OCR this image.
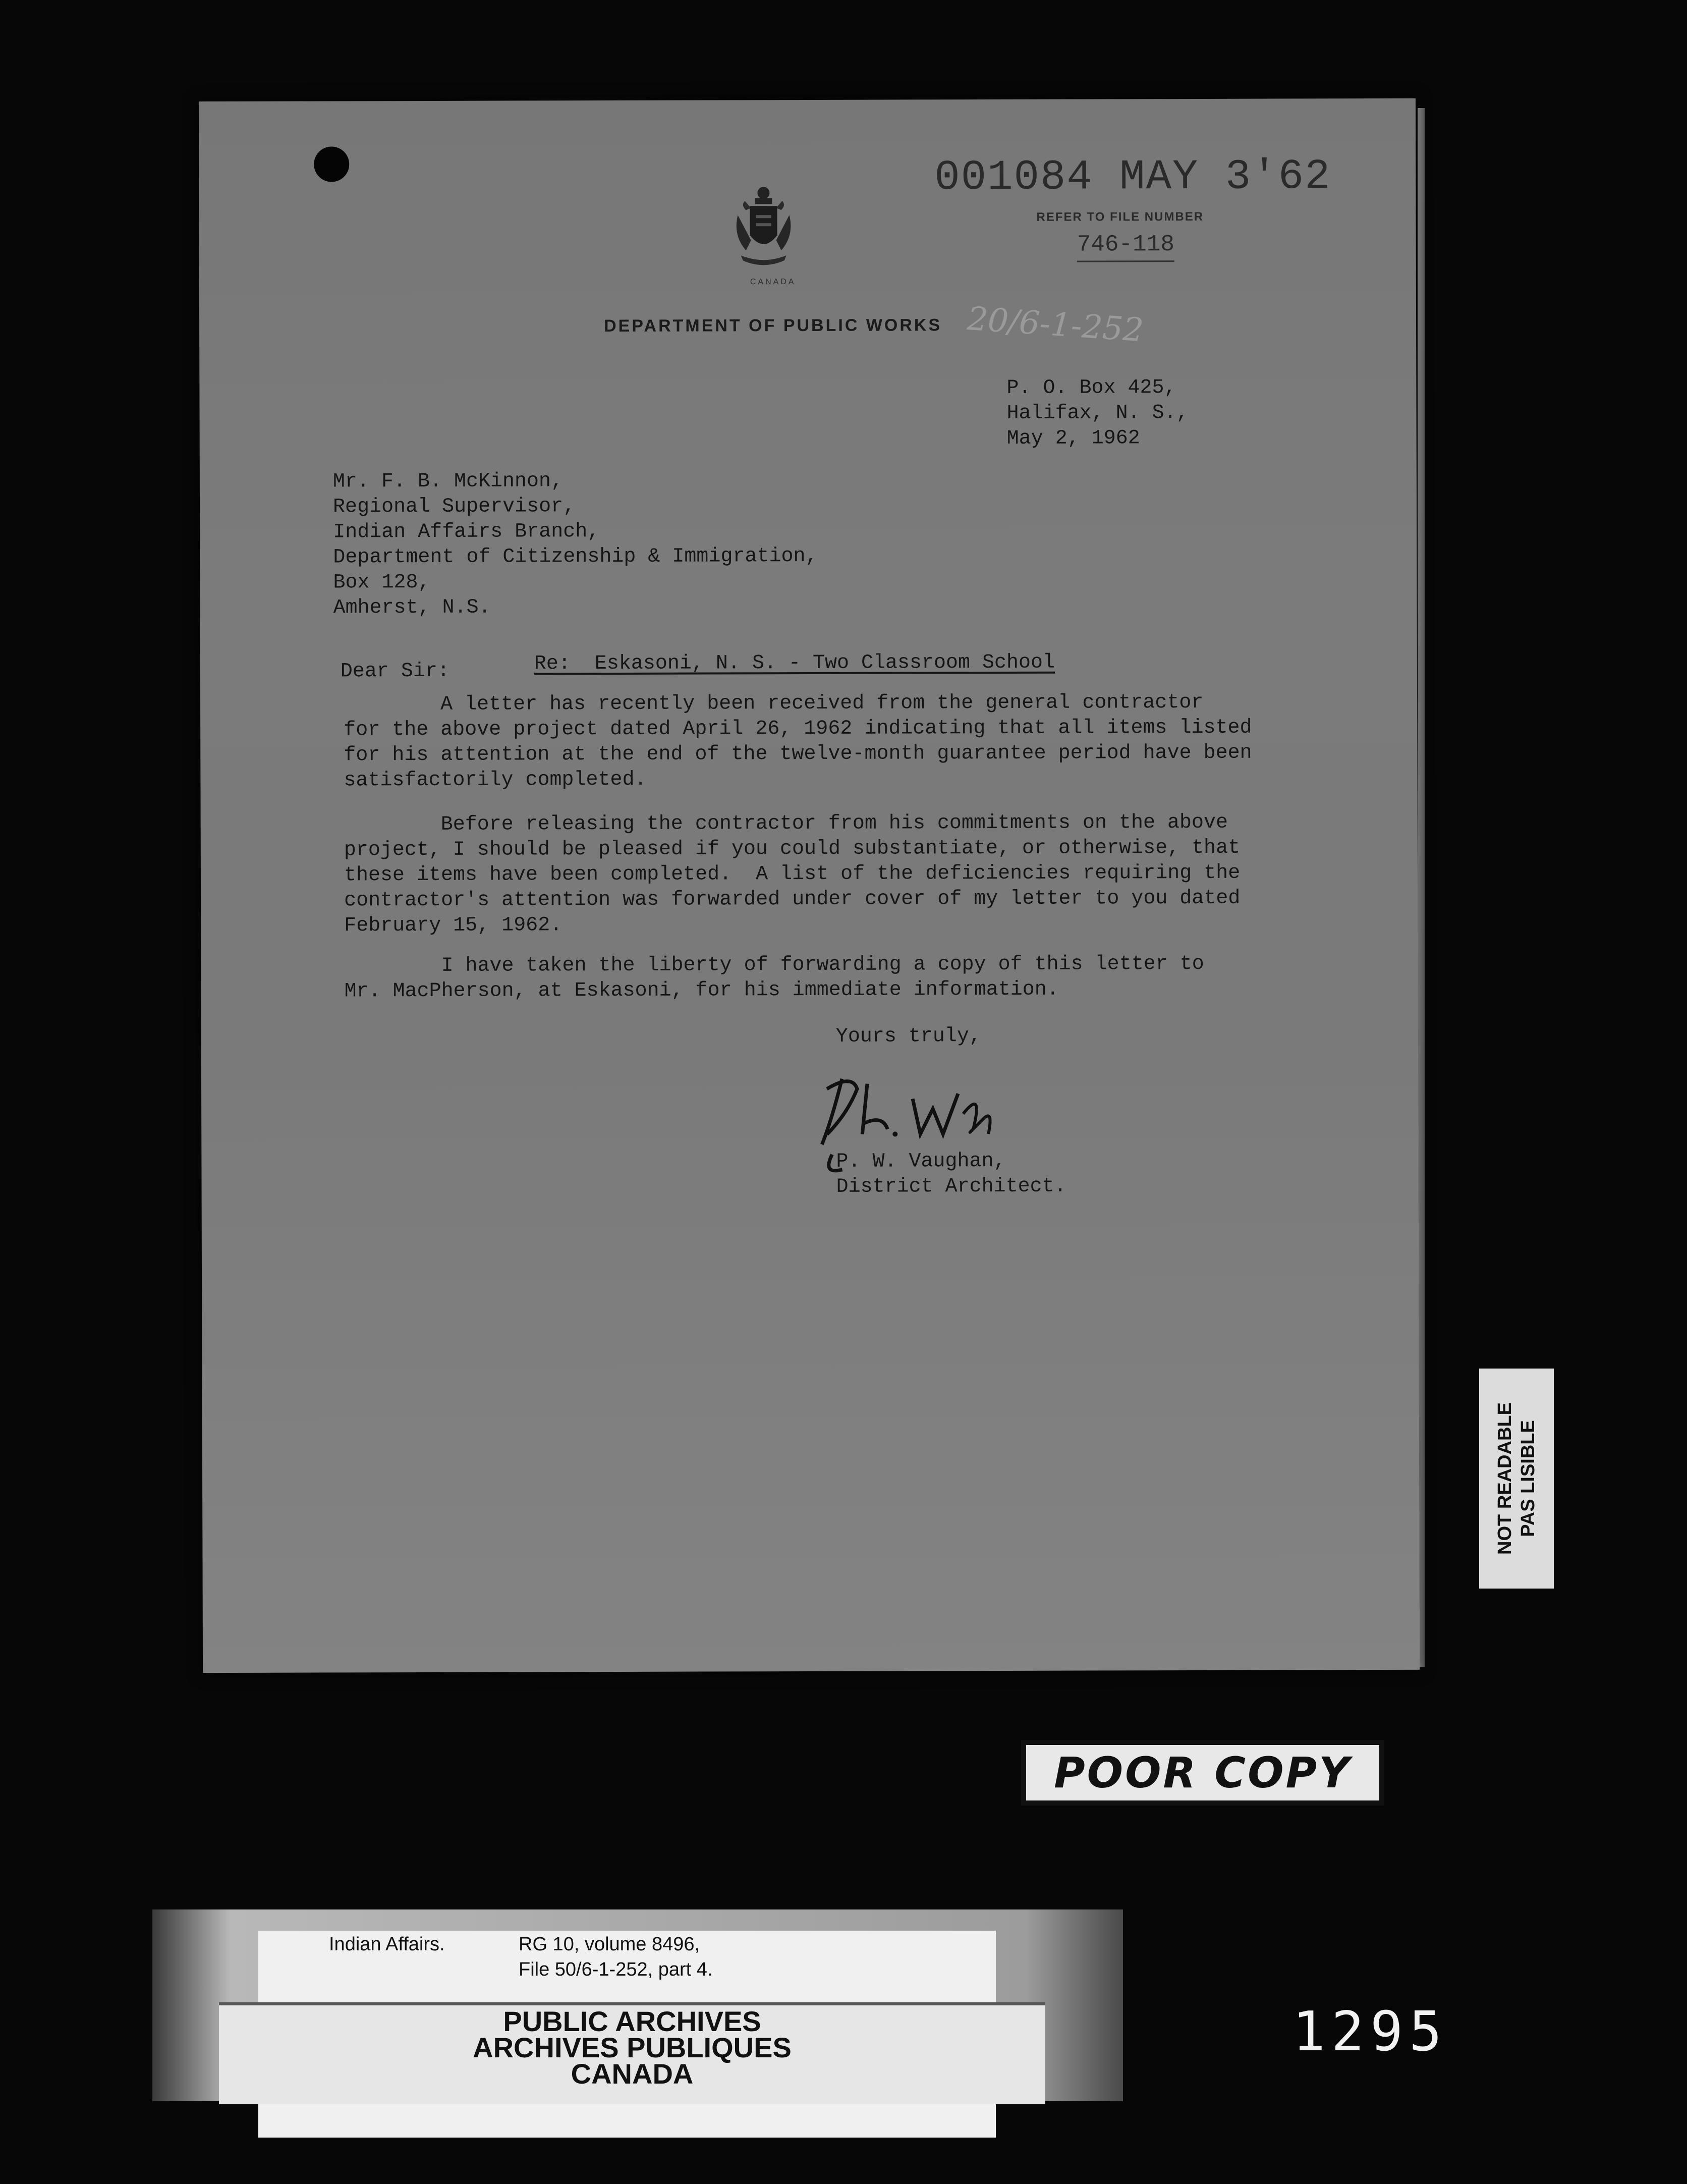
001084 MAY 3'62
REFER TO FILE NUMBER
746-118
CANADA
DEPARTMENT OF PUBLIC WORKS 20/6-1-252
P. O. Box 425,
Halifax, N. S.,
May 2, 1962
Mr. F. B. McKinnon,
Regional Supervisor,
Indian Affairs Branch,
Department of Citizenship & Immigration,
Box 128,
Amherst, N.S.
Dear Sir:	Re:  Eskasoni, N. S. - Two Classroom School
A letter has recently been received from the general contractor
for the above project dated April 26, 1962 indicating that all items listed
for his attention at the end of the twelve-month guarantee period have been
satisfactorily completed.
Before releasing the contractor from his commitments on the above
project, I should be pleased if you could substantiate, or otherwise, that
these items have been completed.  A list of the deficiencies requiring the
contractor's attention was forwarded under cover of my letter to you dated
February 15, 1962.
I have taken the liberty of forwarding a copy of this letter to
Mr. MacPherson, at Eskasoni, for his immediate information.
Yours truly,
P. W. Vaughan,
District Architect.
NOT READABLE
PAS LISIBLE
POOR COPY
Indian Affairs.	RG 10, volume 8496,
File 50/6-1-252, part 4.
PUBLIC ARCHIVES
ARCHIVES PUBLIQUES
CANADA
1295
